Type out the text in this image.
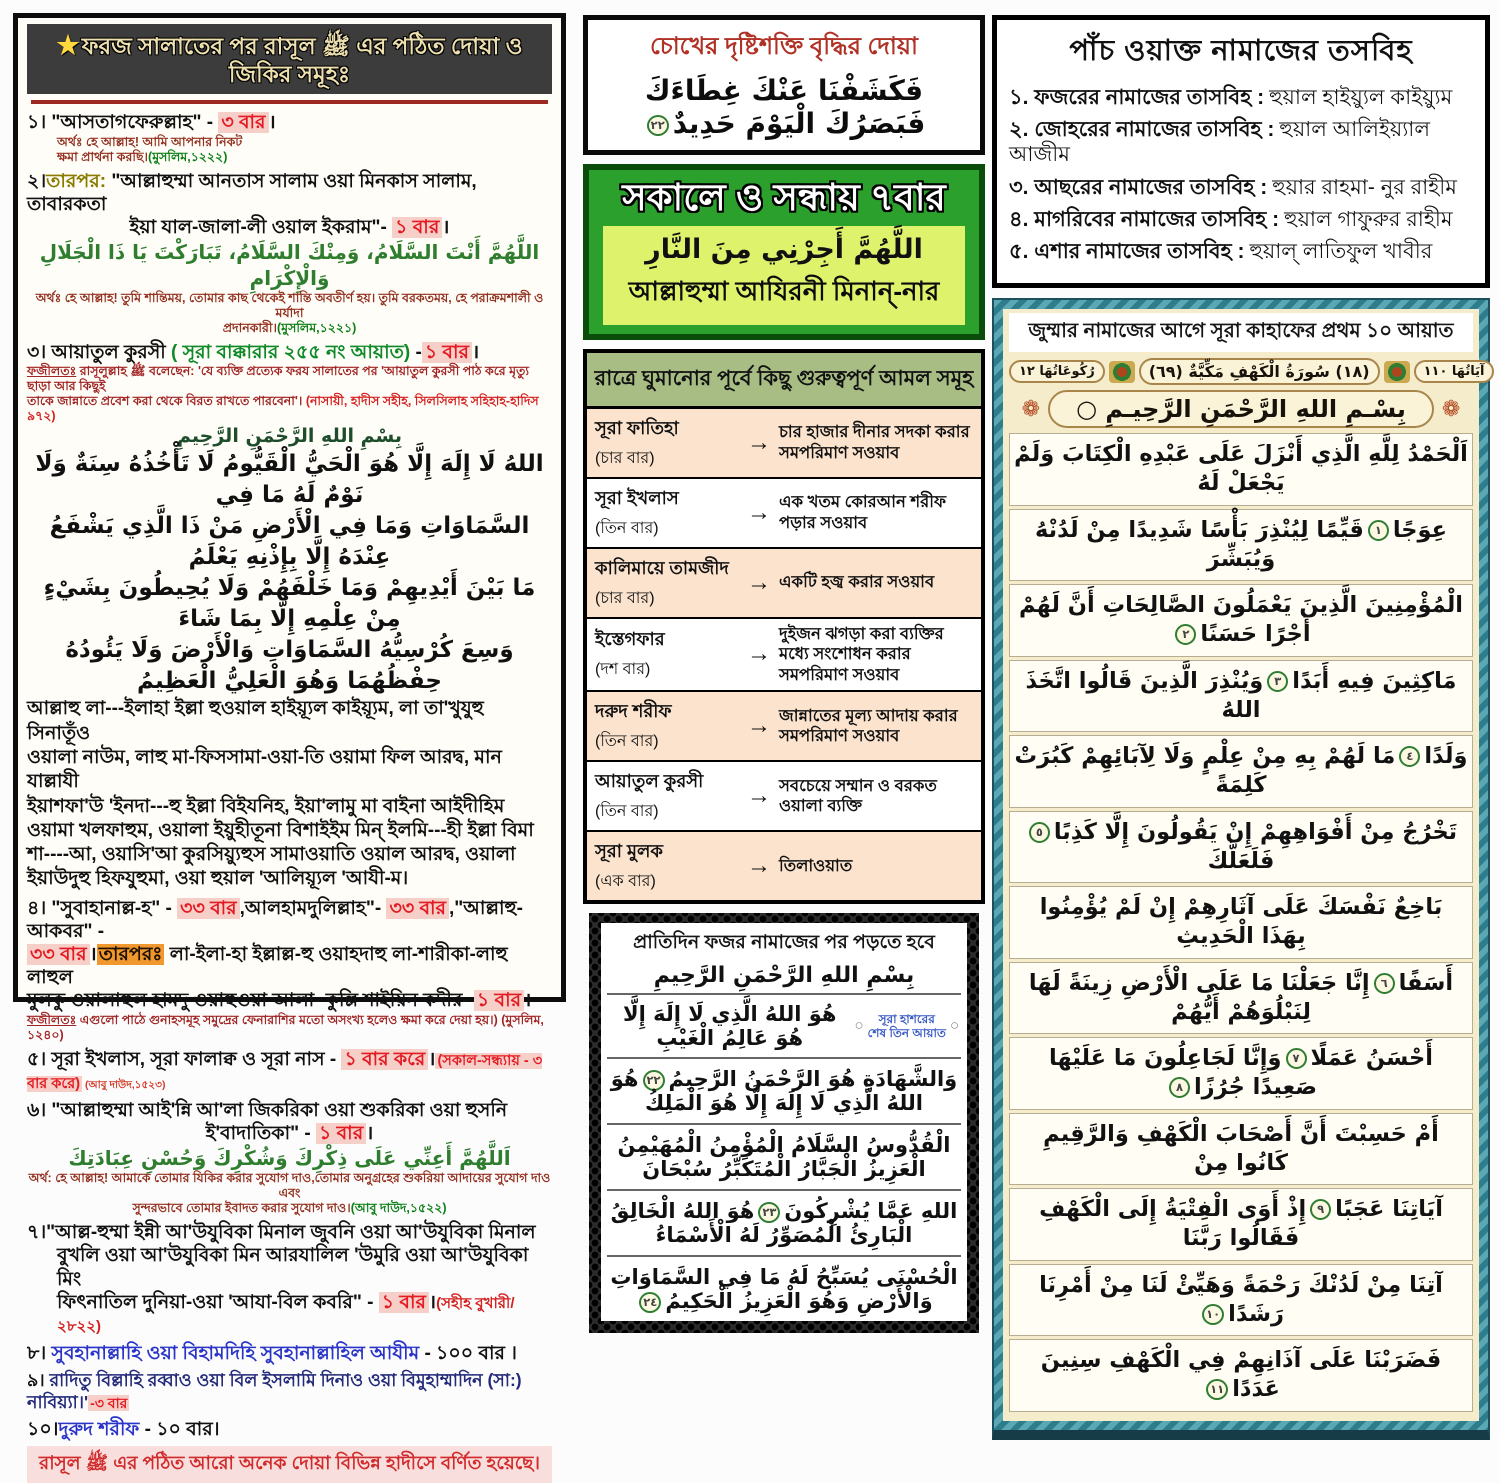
★ফরজ সালাতের পর রাসূল ﷺ এর পঠিত দোয়া ও জিকির সমূহঃ
১। "আসতাগফেরুল্লাহ" - ৩ বার ।
অর্থঃ হে আল্লাহ! আমি আপনার নিকট
ক্ষমা প্রার্থনা করছি।(মুসলিম,১২২২)
২।তারপর: "আল্লাহুম্মা আনতাস সালাম ওয়া মিনকাস সালাম, তাবারকতা
ইয়া যাল-জালা-লী ওয়াল ইকরাম"- ১ বার ।
اللَّهُمَّ أَنْتَ السَّلَامُ، وَمِنْكَ السَّلَامُ، تَبَارَكْتَ يَا ذَا الْجَلَالِ وَالْإِكْرَامِ
অর্থঃ হে আল্লাহ! তুমি শান্তিময়, তোমার কাছ থেকেই শান্তি অবতীর্ণ হয়। তুমি বরকতময়, হে পরাক্রমশালী ও মর্যাদা
প্রদানকারী।(মুসলিম,১২২১)
৩। আয়াতুল কুরসী ( সূরা বাক্কারার ২৫৫ নং আয়াত) - ১ বার ।
ফজীলতঃ রাসূলুল্লাহ ﷺ বলেছেন: 'যে ব্যক্তি প্রত্যেক ফরয সালাতের পর 'আয়াতুল কুরসী পাঠ করে মৃত্যু ছাড়া আর কিছুই
তাকে জান্নাতে প্রবেশ করা থেকে বিরত রাখতে পারবেনা'। (নাসায়ী, হাদীস সহীহ, সিলসিলাহ সহিহাহ-হাদিস ৯৭২)
بِسْمِ اللهِ الرَّحْمَنِ الرَّحِيمِ
اللهُ لَا إِلَهَ إِلَّا هُوَ الْحَيُّ الْقَيُّومُ لَا تَأْخُذُهُ سِنَةٌ وَلَا نَوْمٌ لَهُ مَا فِي
السَّمَاوَاتِ وَمَا فِي الْأَرْضِ مَنْ ذَا الَّذِي يَشْفَعُ عِنْدَهُ إِلَّا بِإِذْنِهِ يَعْلَمُ
مَا بَيْنَ أَيْدِيهِمْ وَمَا خَلْفَهُمْ وَلَا يُحِيطُونَ بِشَيْءٍ مِنْ عِلْمِهِ إِلَّا بِمَا شَاءَ
وَسِعَ كُرْسِيُّهُ السَّمَاوَاتِ وَالْأَرْضَ وَلَا يَئُودُهُ حِفْظُهُمَا وَهُوَ الْعَلِيُّ الْعَظِيمُ
আল্লাহু লা---ইলাহা ইল্লা হুওয়াল হাইয়্যূল কাইয়্যূম, লা তা'খুযুহু সিনাতূঁও
ওয়ালা নাউম, লাহু মা-ফিসসামা-ওয়া-তি ওয়ামা ফিল আরদ্ব, মান যাল্লাযী
ইয়াশফা'উ 'ইনদা---হু ইল্লা বিইযনিহ, ইয়া'লামু মা বাইনা আইদীহিম
ওয়ামা খলফাহুম, ওয়ালা ইয়ুহীতূনা বিশাইইম মিন্ ইলমি---হী ইল্লা বিমা
শা----আ, ওয়াসি'আ কুরসিয়্যুহুস সামাওয়াতি ওয়াল আরদ্ব, ওয়ালা
ইয়াউদুহু হিফযুহুমা, ওয়া হুয়াল 'আলিয়্যূল 'আযী-ম।
৪। "সুবাহানাল্ল-হ" - ৩৩ বার ,আলহামদুলিল্লাহ"- ৩৩ বার ,"আল্লাহু-আকবর" -
৩৩ বার । তারপরঃ লা-ইলা-হা ইল্লাল্ল-হু ওয়াহদাহু লা-শারীকা-লাহু লাহুল
মুলকু ওয়ালাহুল হামদু ওয়াহুওয়া আলা- কুল্লি শাইয়িন কদীর- ১ বার ।
ফজীলতঃ এগুলো পাঠে গুনাহসমূহ সমুদ্রের ফেনারাশির মতো অসংখ্য হলেও ক্ষমা করে দেয়া হয়।) (মুসলিম, ১২৪০)
৫। সূরা ইখলাস, সূরা ফালাক্ব ও সূরা নাস - ১ বার করে । (সকাল-সন্ধ্যায় - ৩ বার করে) (আবু দাউদ,১৫২৩)
৬। "আল্লাহুম্মা আই'ন্নি আ'লা জিকরিকা ওয়া শুকরিকা ওয়া হুসনি
ই'বাদাতিকা" - ১ বার ।
اَللَّهُمَّ أَعِنِّي عَلَى ذِكْرِكَ وَشُكْرِكَ وَحُسْنِ عِبَادَتِكَ
অর্থ: হে আল্লাহ! আমাকে তোমার যিকির করার সুযোগ দাও,তোমার অনুগ্রহের শুকরিয়া আদায়ের সুযোগ দাও এবং
সুন্দরভাবে তোমার ইবাদত করার সুযোগ দাও।(আবু দাউদ,১৫২২)
৭।"আল্ল-হুম্মা ইন্নী আ'উযুবিকা মিনাল জুবনি ওয়া আ'উযুবিকা মিনাল
বুখলি ওয়া আ'উযুবিকা মিন আরযালিল 'উমুরি ওয়া আ'উযুবিকা মিং
ফিৎনাতিল দুনিয়া-ওয়া 'আযা-বিল কবরি" - ১ বার ।(সহীহ বুখারী/২৮২২)
৮। সুবহানাল্লাহি ওয়া বিহামদিহি সুবহানাল্লাহিল আযীম - ১০০ বার ।
৯। রাদিতু বিল্লাহি রব্বাও ওয়া বিল ইসলামি দিনাও ওয়া বিমুহাম্মাদিন (সা:) নাবিয়্যা।' -৩ বার
১০।দুরুদ শরীফ - ১০ বার।
রাসূল ﷺ এর পঠিত আরো অনেক দোয়া বিভিন্ন হাদীসে বর্ণিত হয়েছে।
চোখের দৃষ্টিশক্তি বৃদ্ধির দোয়া
فَكَشَفْنَا عَنْكَ غِطَاءَكَ فَبَصَرُكَ الْيَوْمَ حَدِيدٌ٢٢
সকালে ও সন্ধায় ৭বার
اللَّهُمَّ أَجِرْنِي مِنَ النَّارِ
আল্লাহুম্মা আযিরনী মিনান্-নার
রাত্রে ঘুমানোর পূর্বে কিছু গুরুত্বপূর্ণ আমল সমূহ
সূরা ফাতিহা
(চার বার)
→ চার হাজার দীনার সদকা করার সমপরিমাণ সওয়াব
সূরা ইখলাস
(তিন বার)
→ এক খতম কোরআন শরীফ পড়ার সওয়াব
কালিমায়ে তামজীদ
(চার বার)
→ একটি হজ্ব করার সওয়াব
ইস্তেগফার
(দশ বার)
→
দুইজন ঝগড়া করা ব্যক্তির মধ্যে সংশোধন করার সমপরিমাণ সওয়াব
দরুদ শরীফ
(তিন বার)
→ জান্নাতের মূল্য আদায় করার সমপরিমাণ সওয়াব
আয়াতুল কুরসী
(তিন বার)
→ সবচেয়ে সম্মান ও বরকত ওয়ালা ব্যক্তি
সূরা মুলক
(এক বার)
→ তিলাওয়াত
প্রাতিদিন ফজর নামাজের পর পড়তে হবে
بِسْمِ اللهِ الرَّحْمَنِ الرَّحِيمِ
هُوَ اللهُ الَّذِي لَا إِلَهَ إِلَّا هُوَ عَالِمُ الْغَيْبِ
○	সূরা হাশরের
শেষ তিন আয়াত ○
وَالشَّهَادَةِ هُوَ الرَّحْمَنُ الرَّحِيمُ٢٢هُوَ اللهُ الَّذِي لَا إِلَهَ إِلَّا هُوَ الْمَلِكُ
الْقُدُّوسُ السَّلَامُ الْمُؤْمِنُ الْمُهَيْمِنُ الْعَزِيزُ الْجَبَّارُ الْمُتَكَبِّرُ سُبْحَانَ
اللهِ عَمَّا يُشْرِكُونَ٢٣هُوَ اللهُ الْخَالِقُ الْبَارِئُ الْمُصَوِّرُ لَهُ الْأَسْمَاءُ
الْحُسْنَى يُسَبِّحُ لَهُ مَا فِي السَّمَاوَاتِ وَالْأَرْضِ وَهُوَ الْعَزِيزُ الْحَكِيمُ٢٤
পাঁচ ওয়াক্ত নামাজের তসবিহ
১. ফজরের নামাজের তাসবিহ : হুয়াল হাইয়্যুল কাইয়্যুম
২. জোহরের নামাজের তাসবিহ : হুয়াল আলিইয়্যাল আজীম
৩. আছরের নামাজের তাসবিহ : হুয়ার রাহমা- নুর রাহীম
৪. মাগরিবের নামাজের তাসবিহ : হুয়াল গাফুরুর রাহীম
৫. এশার নামাজের তাসবিহ : হুয়াল্ লাতিফুল খাবীর
জুম্মার নামাজের আগে সূরা কাহাফের প্রথম ১০ আয়াত
رُكُوعَاتُهَا ١٢	(١٨) سُورَةُ الْكَهْفِ مَكِّيَّةٌ (٦٩)	آيَاتُهَا ١١٠
❁	بِسْـمِ اللهِ الرَّحْمَنِ الرَّحِيـمِ ○	❁
اَلْحَمْدُ لِلَّهِ الَّذِي أَنْزَلَ عَلَى عَبْدِهِ الْكِتَابَ وَلَمْ يَجْعَلْ لَهُ
عِوَجًا١قَيِّمًا لِيُنْذِرَ بَأْسًا شَدِيدًا مِنْ لَدُنْهُ وَيُبَشِّرَ
الْمُؤْمِنِينَ الَّذِينَ يَعْمَلُونَ الصَّالِحَاتِ أَنَّ لَهُمْ أَجْرًا حَسَنًا٢
مَاكِثِينَ فِيهِ أَبَدًا٣وَيُنْذِرَ الَّذِينَ قَالُوا اتَّخَذَ اللهُ
وَلَدًا٤مَا لَهُمْ بِهِ مِنْ عِلْمٍ وَلَا لِآبَائِهِمْ كَبُرَتْ كَلِمَةً
تَخْرُجُ مِنْ أَفْوَاهِهِمْ إِنْ يَقُولُونَ إِلَّا كَذِبًا٥فَلَعَلَّكَ
بَاخِعٌ نَفْسَكَ عَلَى آثَارِهِمْ إِنْ لَمْ يُؤْمِنُوا بِهَذَا الْحَدِيثِ
أَسَفًا٦إِنَّا جَعَلْنَا مَا عَلَى الْأَرْضِ زِينَةً لَهَا لِنَبْلُوَهُمْ أَيُّهُمْ
أَحْسَنُ عَمَلًا٧وَإِنَّا لَجَاعِلُونَ مَا عَلَيْهَا صَعِيدًا جُرُزًا٨
أَمْ حَسِبْتَ أَنَّ أَصْحَابَ الْكَهْفِ وَالرَّقِيمِ كَانُوا مِنْ
آيَاتِنَا عَجَبًا٩إِذْ أَوَى الْفِتْيَةُ إِلَى الْكَهْفِ فَقَالُوا رَبَّنَا
آتِنَا مِنْ لَدُنْكَ رَحْمَةً وَهَيِّئْ لَنَا مِنْ أَمْرِنَا رَشَدًا١٠
فَضَرَبْنَا عَلَى آذَانِهِمْ فِي الْكَهْفِ سِنِينَ عَدَدًا١١
